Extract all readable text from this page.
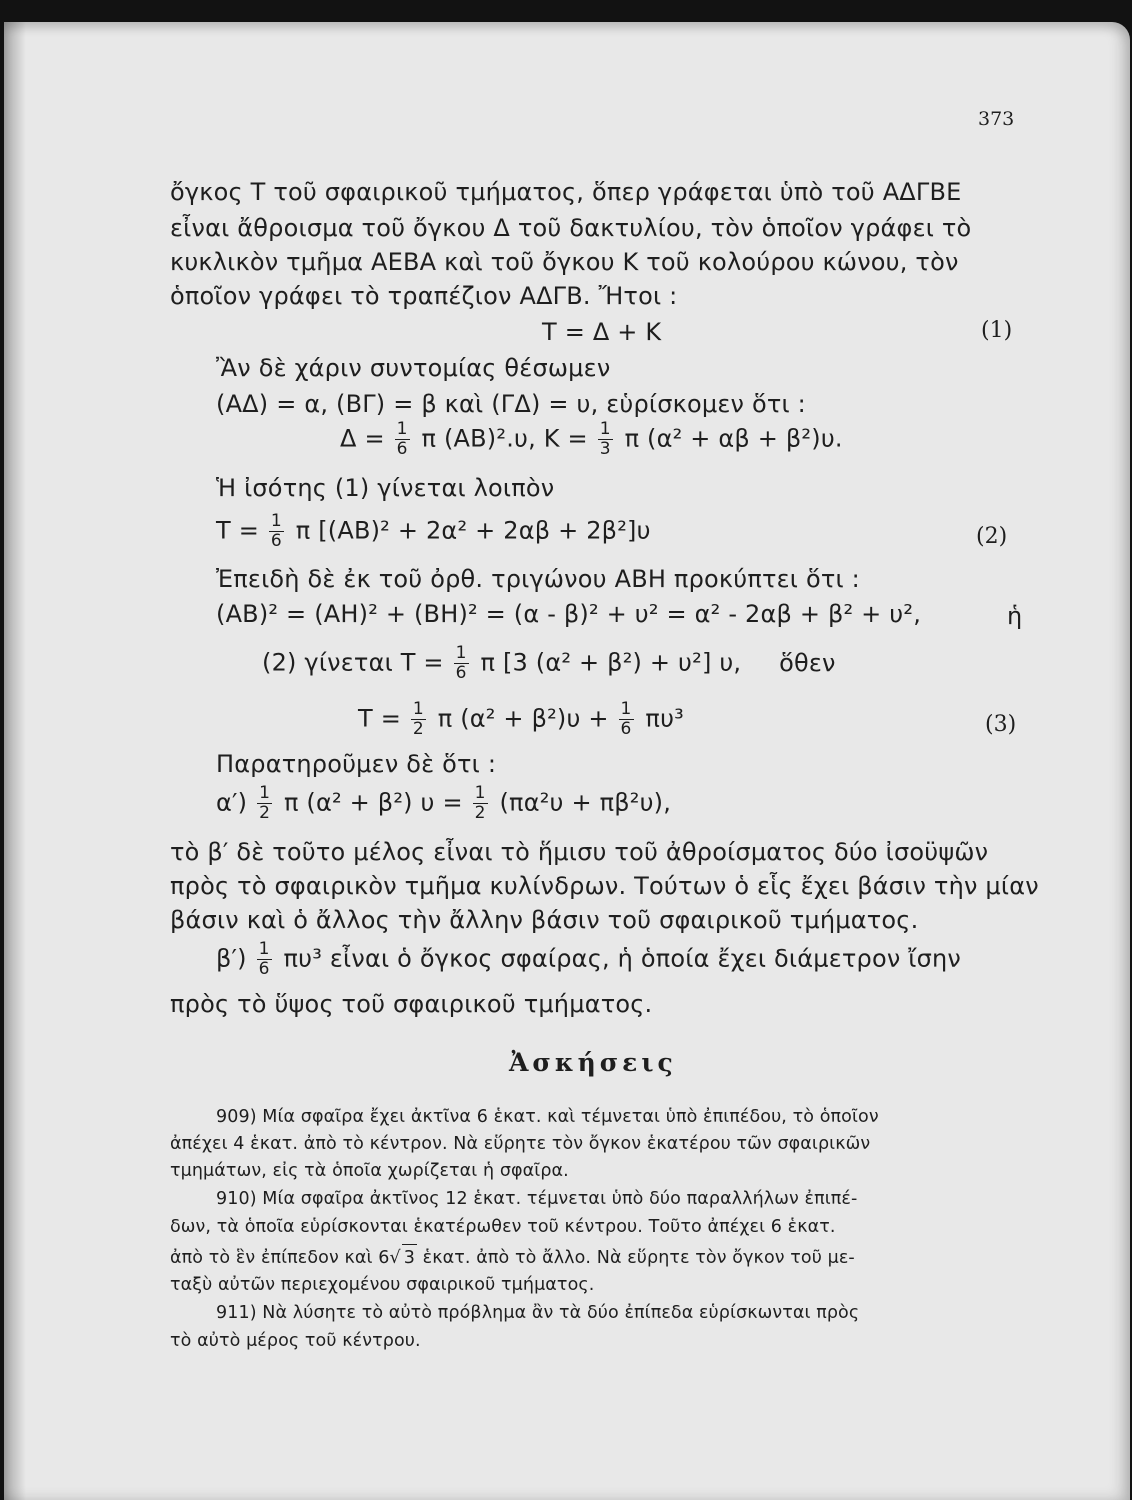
373
ὄγκος Τ τοῦ σφαιρικοῦ τμήματος, ὅπερ γράφεται ὑπὸ τοῦ ΑΔΓΒΕ
εἶναι ἄθροισμα τοῦ ὄγκου Δ τοῦ δακτυλίου, τὸν ὁποῖον γράφει τὸ
κυκλικὸν τμῆμα ΑΕΒΑ καὶ τοῦ ὄγκου Κ τοῦ κολούρου κώνου, τὸν
ὁποῖον γράφει τὸ τραπέζιον ΑΔΓΒ. Ἤτοι :
Τ = Δ + Κ	(1)
Ἂν δὲ χάριν συντομίας θέσωμεν
(ΑΔ) = α, (ΒΓ) = β καὶ (ΓΔ) = υ, εὑρίσκομεν ὅτι :
$\Delta = \frac{1}{6}$ π (ΑΒ)².υ, $K = \frac{1}{3}$ π (α² + αβ + β²)υ.
Ἡ ἰσότης (1) γίνεται λοιπὸν
$T = \frac{1}{6}$ π [(ΑΒ)² + 2α² + 2αβ + 2β²]υ	(2)
Ἐπειδὴ δὲ ἐκ τοῦ ὀρθ. τριγώνου ΑΒΗ προκύπτει ὅτι :
(ΑΒ)² = (ΑΗ)² + (ΒΗ)² = (α - β)² + υ² = α² - 2αβ + β² + υ²,	ἡ
(2) γίνεται $T = \frac{1}{6}$ π [3 (α² + β²) + υ²] υ, ὅθεν
$T = \frac{1}{2}$ π $(\alpha^2 + \beta^2)\upsilon + \frac{1}{6} \pi\upsilon^3$	(3)
Παρατηροῦμεν δὲ ὅτι :
$\alpha') \frac{1}{2}$ π (α² + β²) $\upsilon = \frac{1}{2} (\pi\alpha^2\upsilon + \pi\beta^2\upsilon)$,
τὸ β′ δὲ τοῦτο μέλος εἶναι τὸ ἥμισυ τοῦ ἀθροίσματος δύο ἰσοϋψῶν
πρὸς τὸ σφαιρικὸν τμῆμα κυλίνδρων. Τούτων ὁ εἷς ἔχει βάσιν τὴν μίαν
βάσιν καὶ ὁ ἄλλος τὴν ἄλλην βάσιν τοῦ σφαιρικοῦ τμήματος.
$\beta') \frac{1}{6} \pi\upsilon^3$ εἶναι ὁ ὄγκος σφαίρας, ἡ ὁποία ἔχει διάμετρον ἴσην
πρὸς τὸ ὕψος τοῦ σφαιρικοῦ τμήματος.
Ἀσκήσεις
909) Μία σφαῖρα ἔχει ἀκτῖνα 6 ἑκατ. καὶ τέμνεται ὑπὸ ἐπιπέδου, τὸ ὁποῖον
ἀπέχει 4 ἑκατ. ἀπὸ τὸ κέντρον. Νὰ εὕρητε τὸν ὄγκον ἑκατέρου τῶν σφαιρικῶν
τμημάτων, εἰς τὰ ὁποῖα χωρίζεται ἡ σφαῖρα.
910) Μία σφαῖρα ἀκτῖνος 12 ἑκατ. τέμνεται ὑπὸ δύο παραλλήλων ἐπιπέ-
δων, τὰ ὁποῖα εὑρίσκονται ἑκατέρωθεν τοῦ κέντρου. Τοῦτο ἀπέχει 6 ἑκατ.
ἀπὸ τὸ ἓν ἐπίπεδον καὶ 6√ 3 ἑκατ. ἀπὸ τὸ ἄλλο. Νὰ εὕρητε τὸν ὄγκον τοῦ με-
ταξὺ αὐτῶν περιεχομένου σφαιρικοῦ τμήματος.
911) Νὰ λύσητε τὸ αὐτὸ πρόβλημα ἂν τὰ δύο ἐπίπεδα εὑρίσκωνται πρὸς
τὸ αὐτὸ μέρος τοῦ κέντρου.
